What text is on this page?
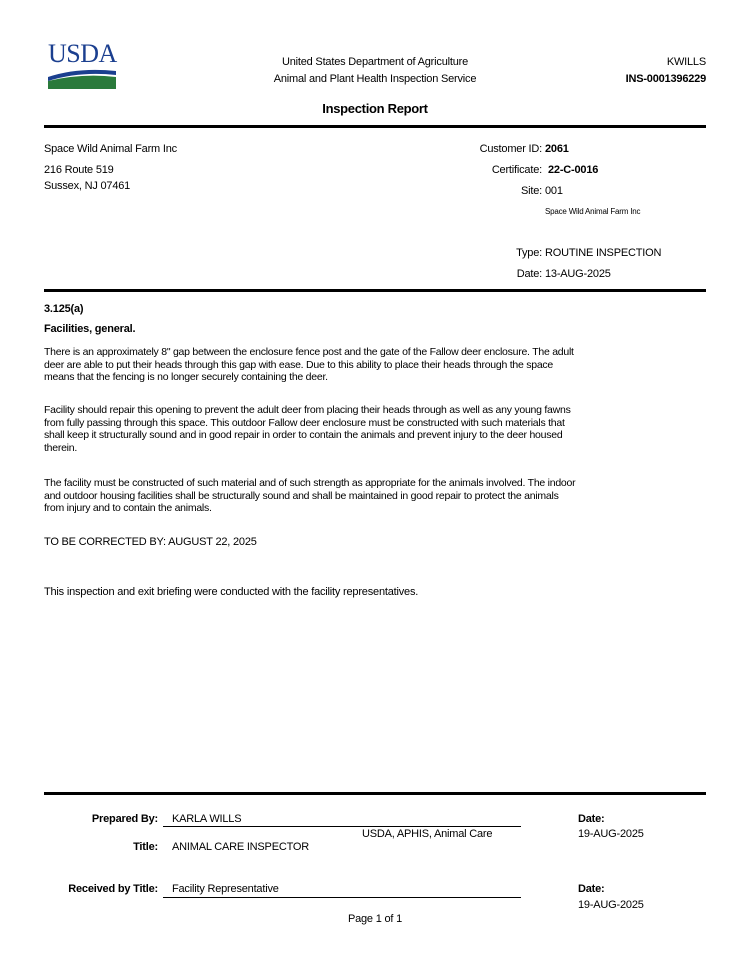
USDA	United States Department of Agriculture
Animal and Plant Health Inspection Service
KWILLS
INS-0001396229
Inspection Report
Space Wild Animal Farm Inc
216 Route 519
Sussex, NJ 07461
Customer ID: 2061
Certificate: 22-C-0016
Site: 001
Space Wild Animal Farm Inc
Type: ROUTINE INSPECTION
Date: 13-AUG-2025
3.125(a)
Facilities, general.
There is an approximately 8" gap between the enclosure fence post and the gate of the Fallow deer enclosure. The adult
deer are able to put their heads through this gap with ease. Due to this ability to place their heads through the space
means that the fencing is no longer securely containing the deer.
Facility should repair this opening to prevent the adult deer from placing their heads through as well as any young fawns
from fully passing through this space. This outdoor Fallow deer enclosure must be constructed with such materials that
shall keep it structurally sound and in good repair in order to contain the animals and prevent injury to the deer housed
therein.
The facility must be constructed of such material and of such strength as appropriate for the animals involved. The indoor
and outdoor housing facilities shall be structurally sound and shall be maintained in good repair to protect the animals
from injury and to contain the animals.
TO BE CORRECTED BY: AUGUST 22, 2025
This inspection and exit briefing were conducted with the facility representatives.
Prepared By: KARLA WILLS
USDA, APHIS, Animal Care
Date:
19-AUG-2025
Title: ANIMAL CARE INSPECTOR
Received by Title: Facility Representative	Date:
19-AUG-2025
Page 1 of 1
